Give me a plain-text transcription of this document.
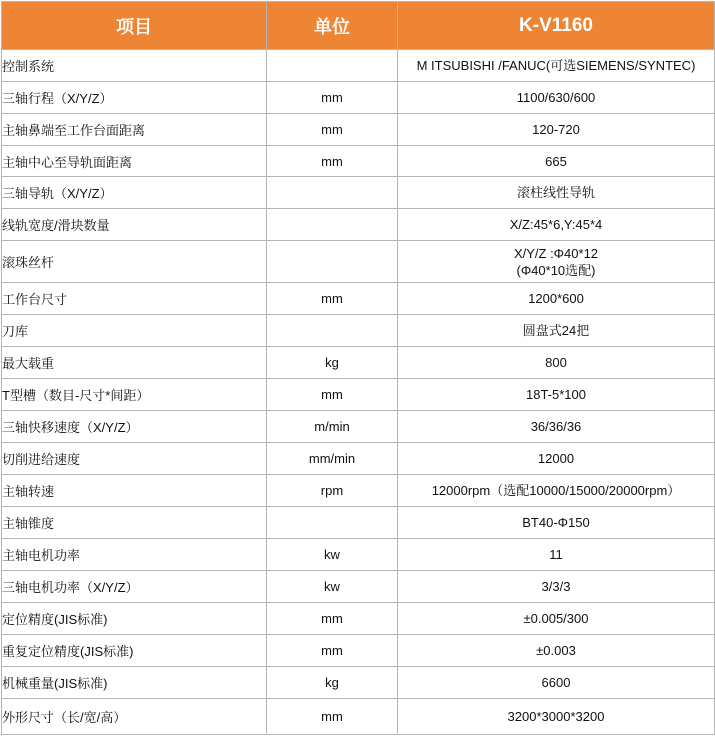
项目	单位	K-V1160
控制系统		M ITSUBISHI /FANUC(可选SIEMENS/SYNTEC)
三轴行程（X/Y/Z）	mm	1100/630/600
主轴鼻端至工作台面距离	mm	120-720
主轴中心至导轨面距离	mm	665
三轴导轨（X/Y/Z）		滚柱线性导轨
线轨宽度/滑块数量		X/Z:45*6,Y:45*4
滚珠丝杆		X/Y/Z :Φ40*12
(Φ40*10选配)
工作台尺寸	mm	1200*600
刀库		圆盘式24把
最大载重	kg	800
T型槽（数目-尺寸*间距）	mm	18T-5*100
三轴快移速度（X/Y/Z）	m/min	36/36/36
切削进给速度	mm/min	12000
主轴转速	rpm	12000rpm（选配10000/15000/20000rpm）
主轴锥度		BT40-Φ150
主轴电机功率	kw	11
三轴电机功率（X/Y/Z）	kw	3/3/3
定位精度(JIS标准)	mm	±0.005/300
重复定位精度(JIS标准)	mm	±0.003
机械重量(JIS标准)	kg	6600
外形尺寸（长/宽/高）	mm	3200*3000*3200
